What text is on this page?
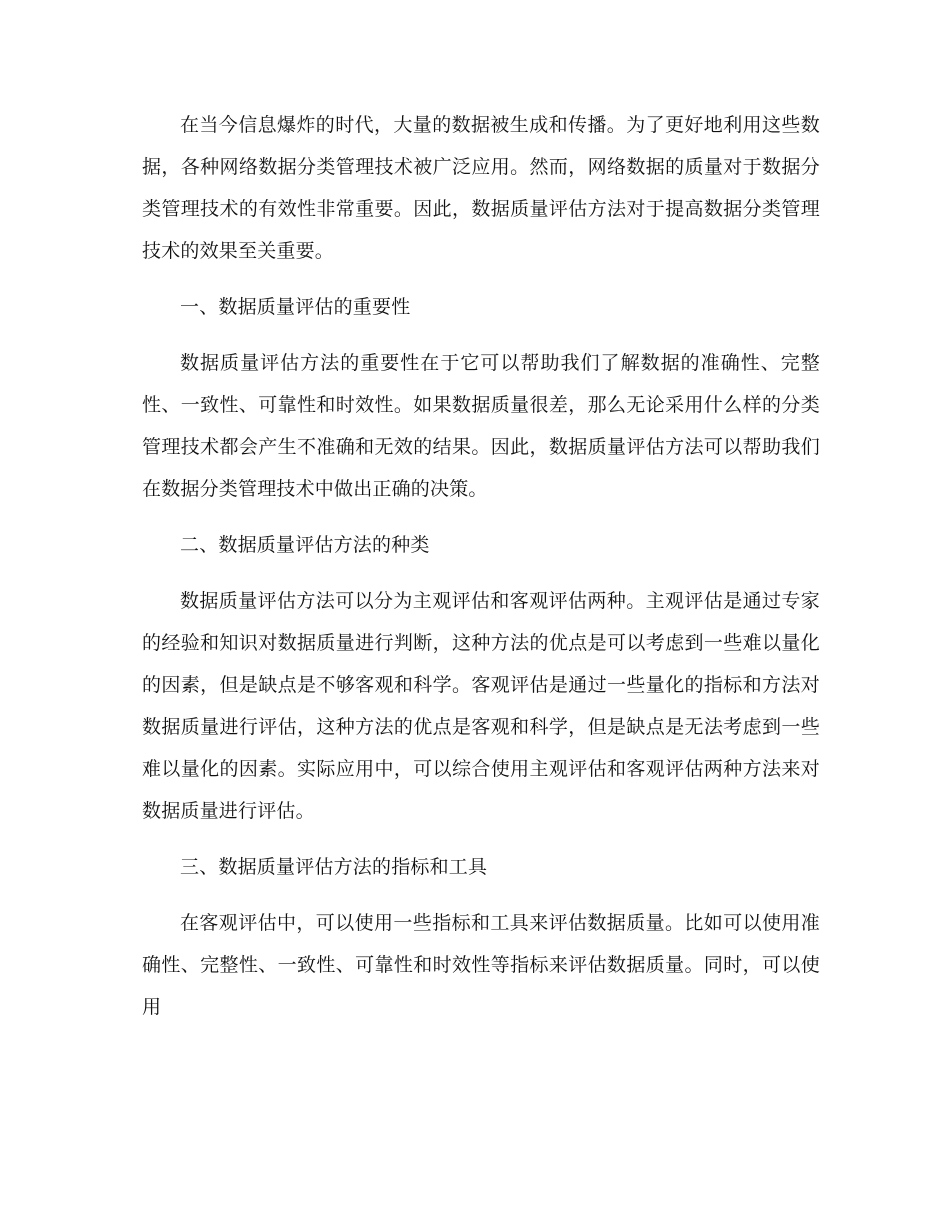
在当今信息爆炸的时代，大量的数据被生成和传播。为了更好地利用这些数据，各种网络数据分类管理技术被广泛应用。然而，网络数据的质量对于数据分类管理技术的有效性非常重要。因此，数据质量评估方法对于提高数据分类管理技术的效果至关重要。

一、数据质量评估的重要性

数据质量评估方法的重要性在于它可以帮助我们了解数据的准确性、完整性、一致性、可靠性和时效性。如果数据质量很差，那么无论采用什么样的分类管理技术都会产生不准确和无效的结果。因此，数据质量评估方法可以帮助我们在数据分类管理技术中做出正确的决策。

二、数据质量评估方法的种类

数据质量评估方法可以分为主观评估和客观评估两种。主观评估是通过专家的经验和知识对数据质量进行判断，这种方法的优点是可以考虑到一些难以量化的因素，但是缺点是不够客观和科学。客观评估是通过一些量化的指标和方法对数据质量进行评估，这种方法的优点是客观和科学，但是缺点是无法考虑到一些难以量化的因素。实际应用中，可以综合使用主观评估和客观评估两种方法来对数据质量进行评估。

三、数据质量评估方法的指标和工具

在客观评估中，可以使用一些指标和工具来评估数据质量。比如可以使用准确性、完整性、一致性、可靠性和时效性等指标来评估数据质量。同时，可以使用
